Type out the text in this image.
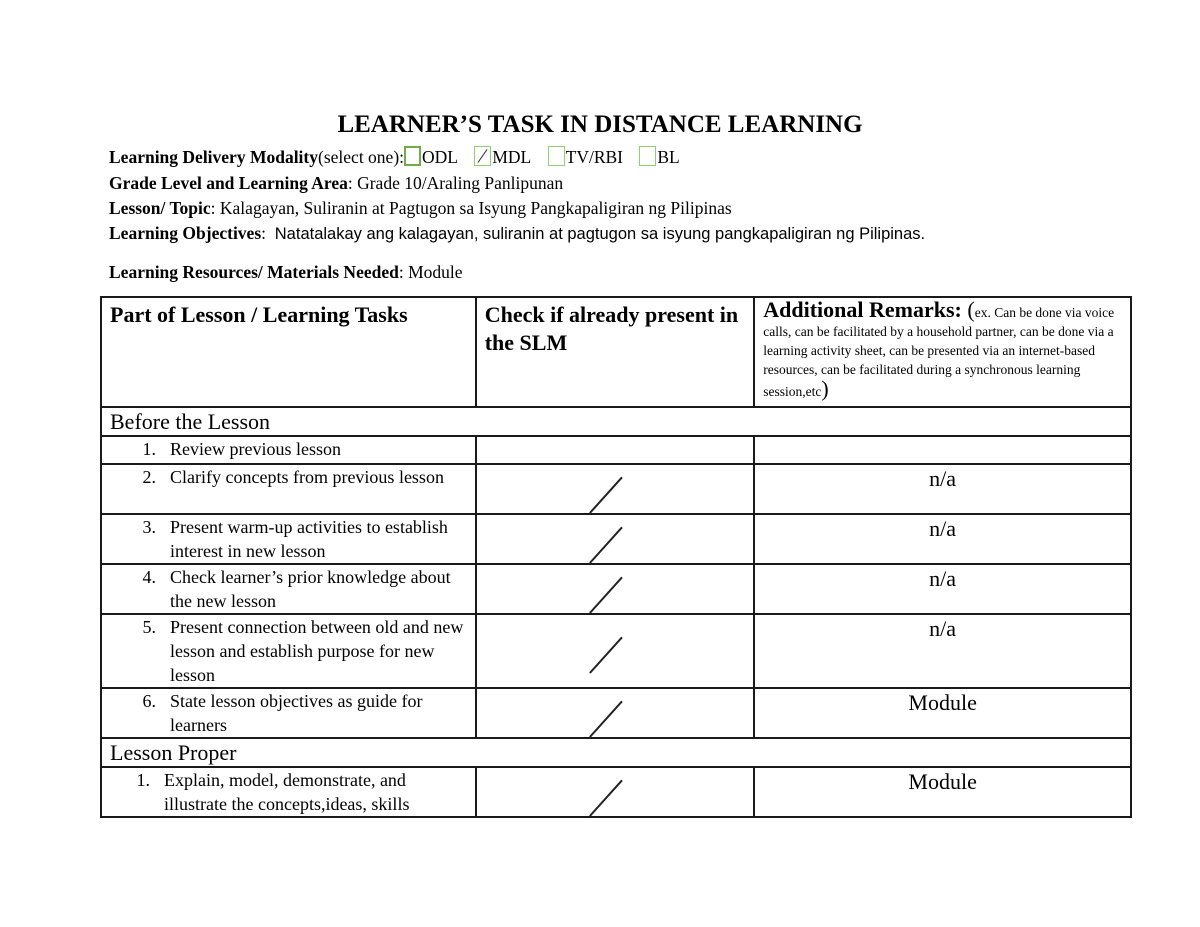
LEARNER’S TASK IN DISTANCE LEARNING
Learning Delivery Modality(select one): ODL MDL TV/RBI BL
Grade Level and Learning Area: Grade 10/Araling Panlipunan
Lesson/ Topic: Kalagayan, Suliranin at Pagtugon sa Isyung Pangkapaligiran ng Pilipinas
Learning Objectives:  Natatalakay ang kalagayan, suliranin at pagtugon sa isyung pangkapaligiran ng Pilipinas.
Learning Resources/ Materials Needed: Module
Part of Lesson / Learning Tasks	Check if already present in the SLM	Additional Remarks: (ex. Can be done via voice calls, can be facilitated by a household partner, can be done via a learning activity sheet, can be presented via an internet-based resources, can be facilitated during a synchronous learning session,etc)
Before the Lesson		
1. Review previous lesson		

2. Clarify concepts from previous lesson		n/a
3. Present warm-up activities to establish interest in new lesson		n/a
4. Check learner’s prior knowledge about the new lesson		n/a
5. Present connection between old and new lesson and establish purpose for new lesson		n/a
6. State lesson objectives as guide for learners		Module
Lesson Proper		
1. Explain, model, demonstrate, and illustrate the concepts,ideas, skills		Module
